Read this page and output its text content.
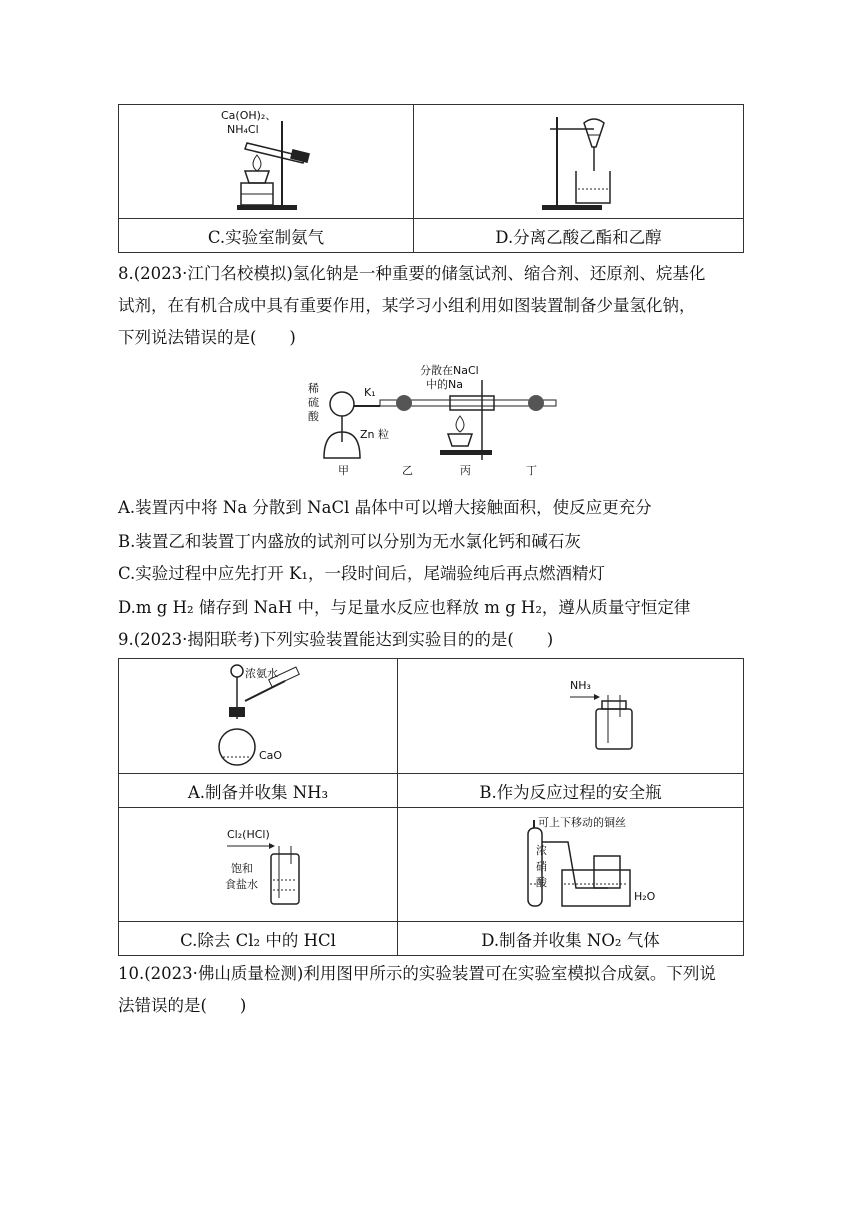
Ca(OH)₂、
NH₄Cl

C.实验室制氨气	D.分离乙酸乙酯和乙醇
8.(2023·江门名校模拟)氢化钠是一种重要的储氢试剂、缩合剂、还原剂、烷基化
试剂，在有机合成中具有重要作用，某学习小组利用如图装置制备少量氢化钠，
下列说法错误的是(　　)
稀
硫
酸
K₁
Zn 粒
分散在NaCl
中的Na
甲	乙	丙	丁
A.装置丙中将 Na 分散到 NaCl 晶体中可以增大接触面积，使反应更充分
B.装置乙和装置丁内盛放的试剂可以分别为无水氯化钙和碱石灰
C.实验过程中应先打开 K₁，一段时间后，尾端验纯后再点燃酒精灯
D.m g H₂ 储存到 NaH 中，与足量水反应也释放 m g H₂，遵从质量守恒定律
9.(2023·揭阳联考)下列实验装置能达到实验目的的是(　　)
浓氨水
CaO	NH₃

A.制备并收集 NH₃	B.作为反应过程的安全瓶

Cl₂(HCl)
饱和
食盐水	可上下移动的铜丝
浓
硝
酸
H₂O

C.除去 Cl₂ 中的 HCl	D.制备并收集 NO₂ 气体
10.(2023·佛山质量检测)利用图甲所示的实验装置可在实验室模拟合成氨。下列说
法错误的是(　　)
